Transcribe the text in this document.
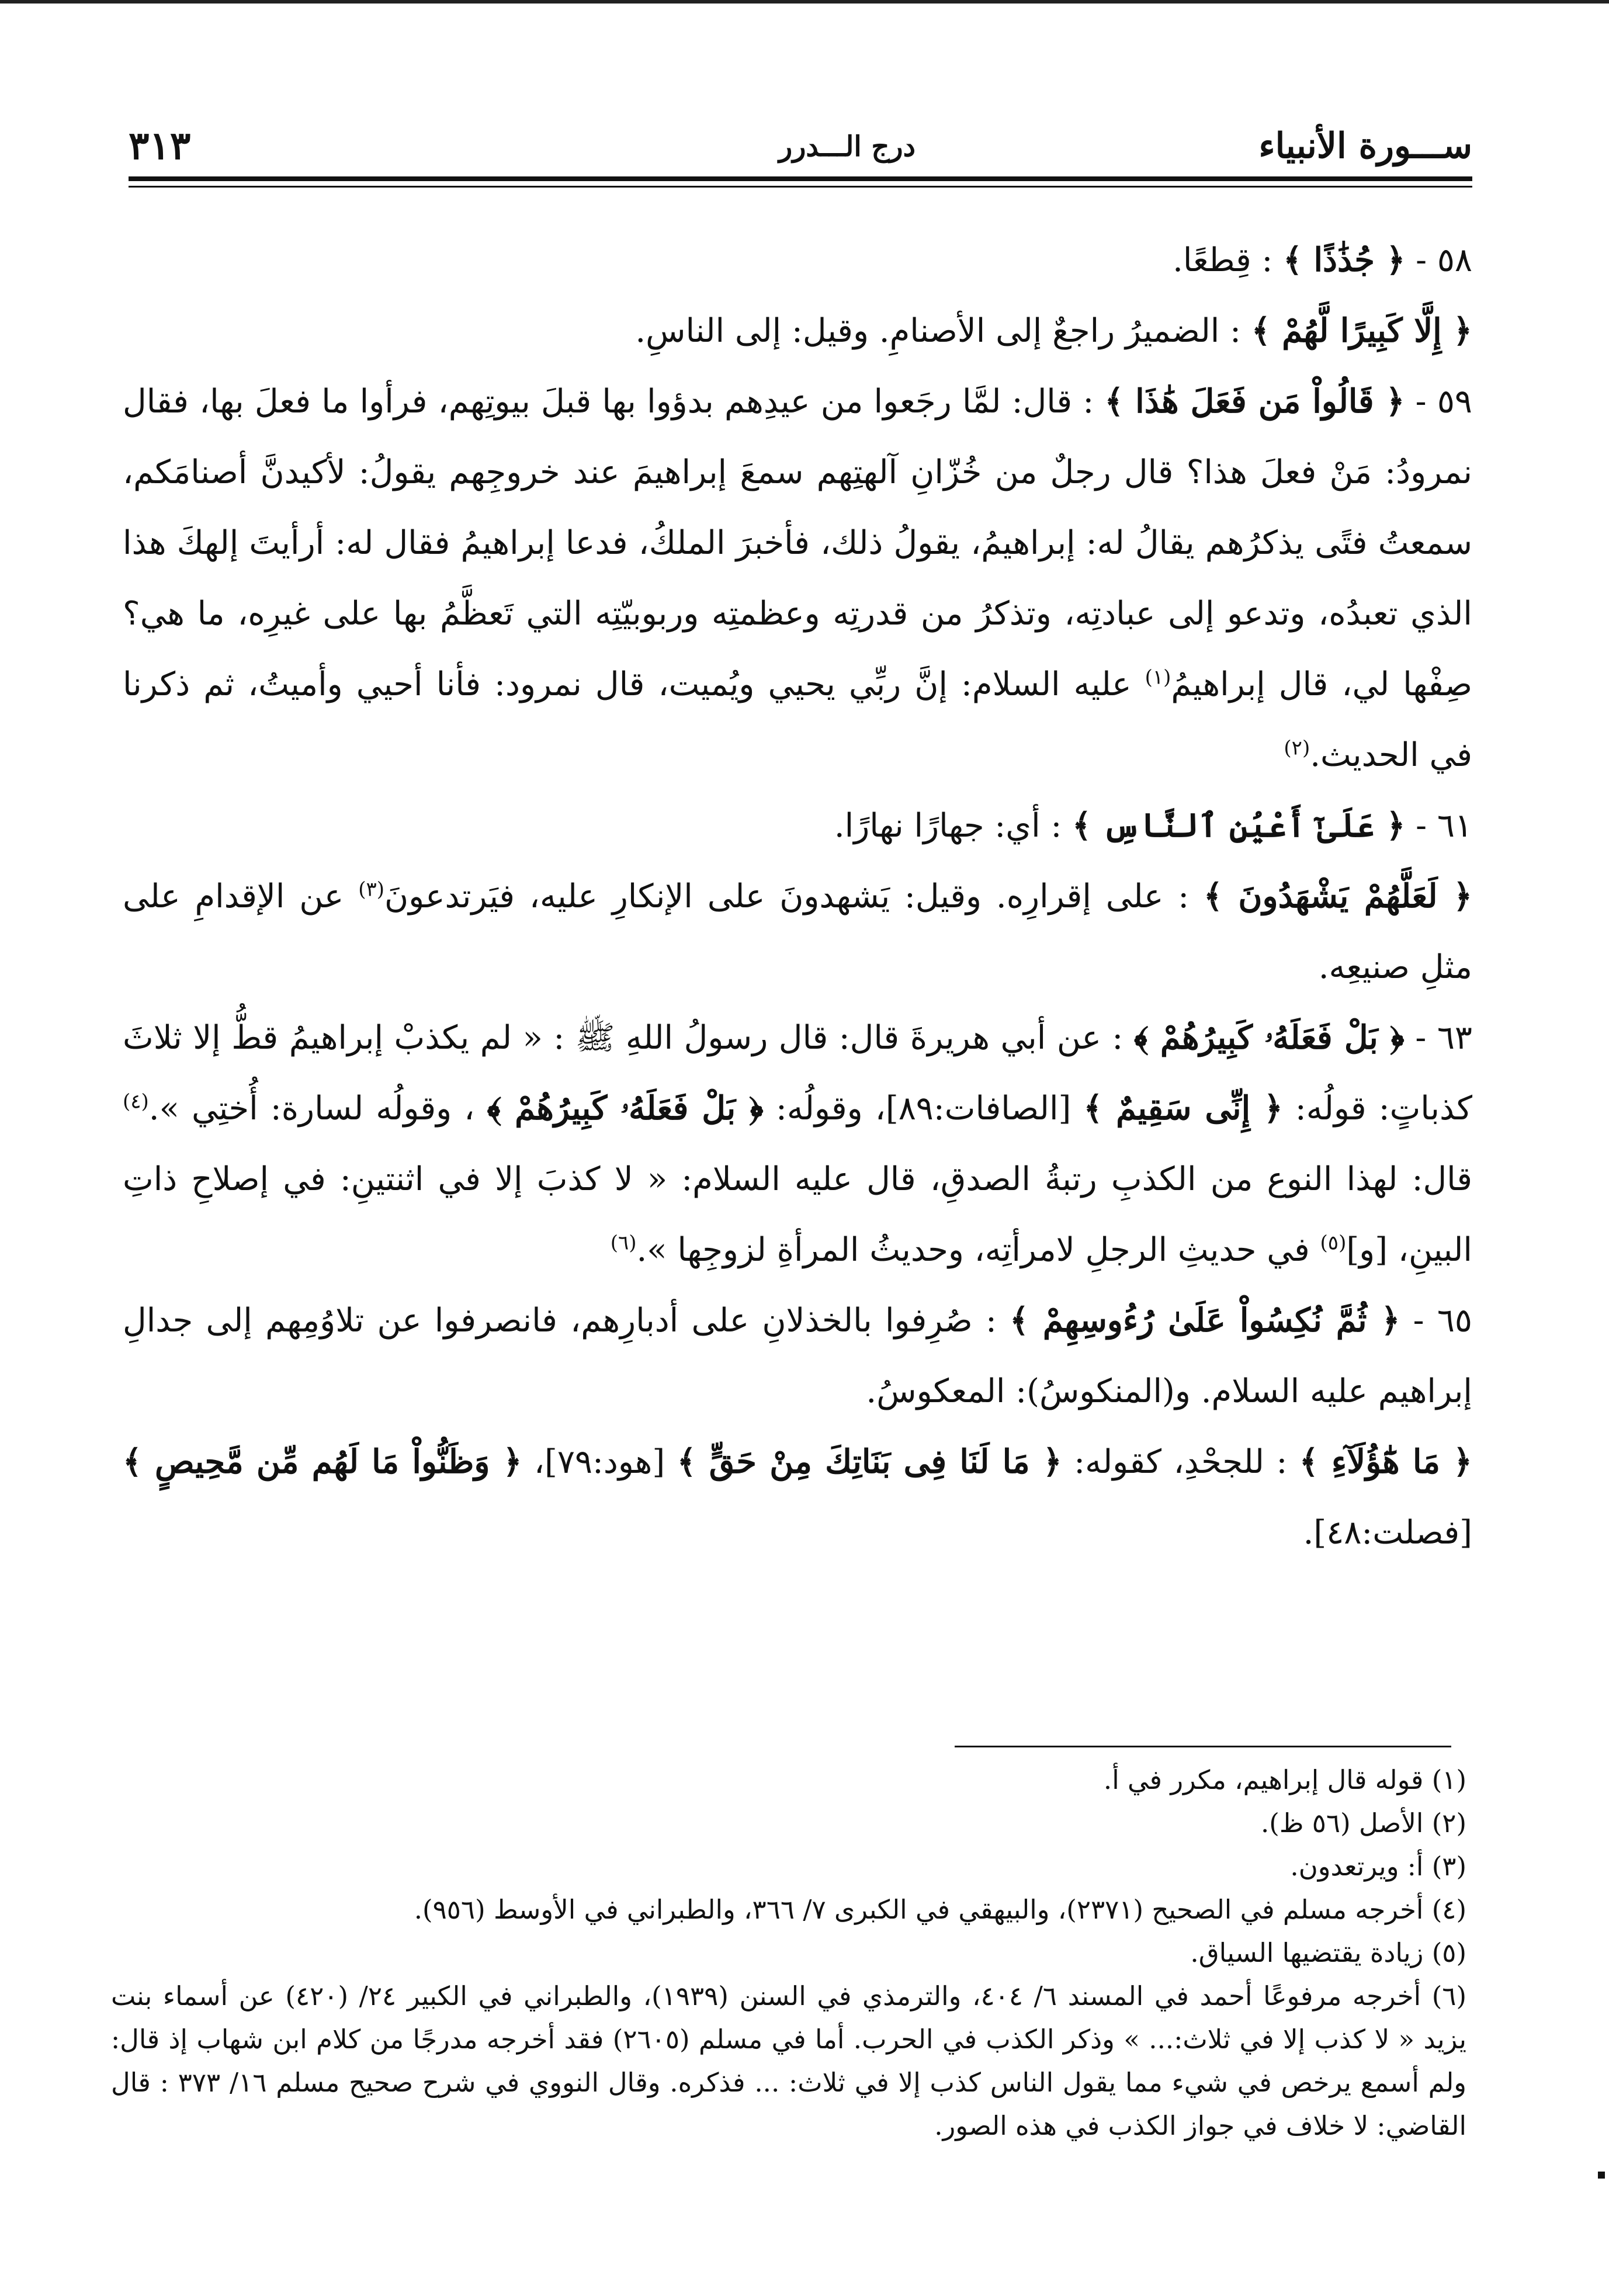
٣١٣	درج الـــدرر	ســـورة الأنبياء

٥٨ - ﴿ جُذَٰذًا ﴾ : قِطعًا.

﴿ إِلَّا كَبِيرًا لَّهُمْ ﴾ : الضميرُ راجعٌ إلى الأصنامِ. وقيل: إلى الناسِ.

٥٩ - ﴿ قَالُواْ مَن فَعَلَ هَٰذَا ﴾ : قال: لمَّا رجَعوا من عيدِهم بدؤوا بها قبلَ بيوتِهم، فرأوا ما فعلَ بها، فقال نمرودُ: مَنْ فعلَ هذا؟ قال رجلٌ من خُزّانِ آلهتِهم سمعَ إبراهيمَ عند خروجِهم يقولُ: لأكيدنَّ أصنامَكم، سمعتُ فتًى يذكرُهم يقالُ له: إبراهيمُ، يقولُ ذلك، فأخبرَ الملكُ، فدعا إبراهيمُ فقال له: أرأيتَ إلهكَ هذا الذي تعبدُه، وتدعو إلى عبادتِه، وتذكرُ من قدرتِه وعظمتِه وربوبيّتِه التي تَعظَّمُ بها على غيرِه، ما هي؟ صِفْها لي، قال إبراهيمُ$^{(١)}$ عليه السلام: إنَّ ربِّي يحيي ويُميت، قال نمرود: فأنا أحيي وأميتُ، ثم ذكرنا في الحديث.$^{(٢)}$

٦١ - ﴿ عَلَىٰٓ أَعْيُنِ ٱلنَّاسِ ﴾ : أي: جهارًا نهارًا.

﴿ لَعَلَّهُمْ يَشْهَدُونَ ﴾ : على إقرارِه. وقيل: يَشهدونَ على الإنكارِ عليه، فيَرتدعونَ$^{(٣)}$ عن الإقدامِ على مثلِ صنيعِه.

٦٣ - ﴿ بَلْ فَعَلَهُۥ كَبِيرُهُمْ ﴾ : عن أبي هريرةَ قال: قال رسولُ اللهِ ﷺ : « لم يكذبْ إبراهيمُ قطُّ إلا ثلاثَ كذباتٍ: قولُه: ﴿ إِنِّى سَقِيمٌ ﴾ [الصافات:٨٩]، وقولُه: ﴿ بَلْ فَعَلَهُۥ كَبِيرُهُمْ ﴾ ، وقولُه لسارة: أُختِي ».$^{(٤)}$ قال: لهذا النوع من الكذبِ رتبةُ الصدقِ، قال عليه السلام: « لا كذبَ إلا في اثنتينِ: في إصلاحِ ذاتِ البينِ، [و]$^{(٥)}$ في حديثِ الرجلِ لامرأتِه، وحديثُ المرأةِ لزوجِها ».$^{(٦)}$

٦٥ - ﴿ ثُمَّ نُكِسُواْ عَلَىٰ رُءُوسِهِمْ ﴾ : صُرِفوا بالخذلانِ على أدبارِهم، فانصرفوا عن تلاوُمِهم إلى جدالِ إبراهيم عليه السلام. و(المنكوسُ): المعكوسُ.

﴿ مَا هَٰٓؤُلَآءِ ﴾ : للجحْدِ، كقوله: ﴿ مَا لَنَا فِى بَنَاتِكَ مِنْ حَقٍّ ﴾ [هود:٧٩]، ﴿ وَظَنُّواْ مَا لَهُم مِّن مَّحِيصٍ ﴾ [فصلت:٤٨].

(١) قوله قال إبراهيم، مكرر في أ.

(٢) الأصل (٥٦ ظ).

(٣) أ: ويرتعدون.

(٤) أخرجه مسلم في الصحيح (٢٣٧١)، والبيهقي في الكبرى ٧/ ٣٦٦، والطبراني في الأوسط (٩٥٦).

(٥) زيادة يقتضيها السياق.

(٦) أخرجه مرفوعًا أحمد في المسند ٦/ ٤٠٤، والترمذي في السنن (١٩٣٩)، والطبراني في الكبير ٢٤/ (٤٢٠) عن أسماء بنت يزيد « لا كذب إلا في ثلاث:... » وذكر الكذب في الحرب. أما في مسلم (٢٦٠٥) فقد أخرجه مدرجًا من كلام ابن شهاب إذ قال: ولم أسمع يرخص في شيء مما يقول الناس كذب إلا في ثلاث: ... فذكره. وقال النووي في شرح صحيح مسلم ١٦/ ٣٧٣ : قال القاضي: لا خلاف في جواز الكذب في هذه الصور.
